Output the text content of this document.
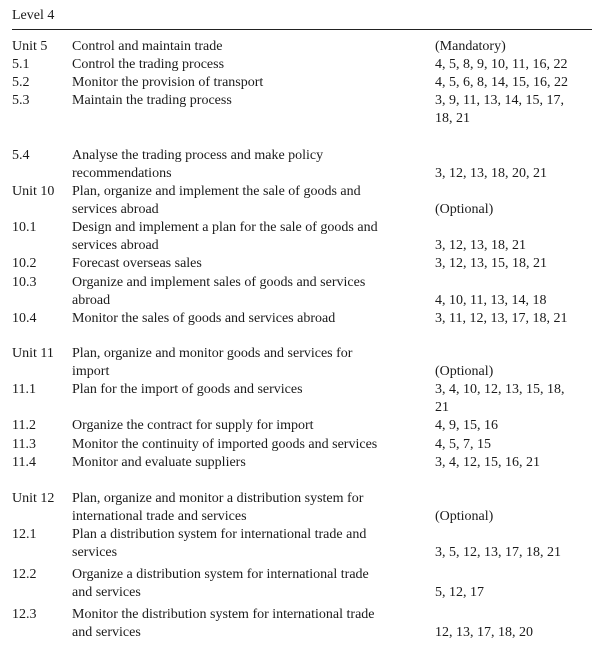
Level 4
Unit 5 Control and maintain trade	(Mandatory)
5.1	Control the trading process	4, 5, 8, 9, 10, 11, 16, 22
5.2	Monitor the provision of transport	4, 5, 6, 8, 14, 15, 16, 22
5.3	Maintain the trading process	3, 9, 11, 13, 14, 15, 17,
18, 21
5.4	Analyse the trading process and make policy
recommendations	3, 12, 13, 18, 20, 21
Unit 10 Plan, organize and implement the sale of goods and
services abroad	(Optional)
10.1	Design and implement a plan for the sale of goods and
services abroad	3, 12, 13, 18, 21
10.2	Forecast overseas sales	3, 12, 13, 15, 18, 21
10.3	Organize and implement sales of goods and services
abroad	4, 10, 11, 13, 14, 18
10.4	Monitor the sales of goods and services abroad	3, 11, 12, 13, 17, 18, 21
Unit 11 Plan, organize and monitor goods and services for
import	(Optional)
11.1	Plan for the import of goods and services	3, 4, 10, 12, 13, 15, 18,
21
11.2	Organize the contract for supply for import	4, 9, 15, 16
11.3	Monitor the continuity of imported goods and services	4, 5, 7, 15
11.4	Monitor and evaluate suppliers	3, 4, 12, 15, 16, 21
Unit 12 Plan, organize and monitor a distribution system for
international trade and services	(Optional)
12.1	Plan a distribution system for international trade and
services	3, 5, 12, 13, 17, 18, 21
12.2	Organize a distribution system for international trade
and services	5, 12, 17
12.3	Monitor the distribution system for international trade
and services	12, 13, 17, 18, 20
